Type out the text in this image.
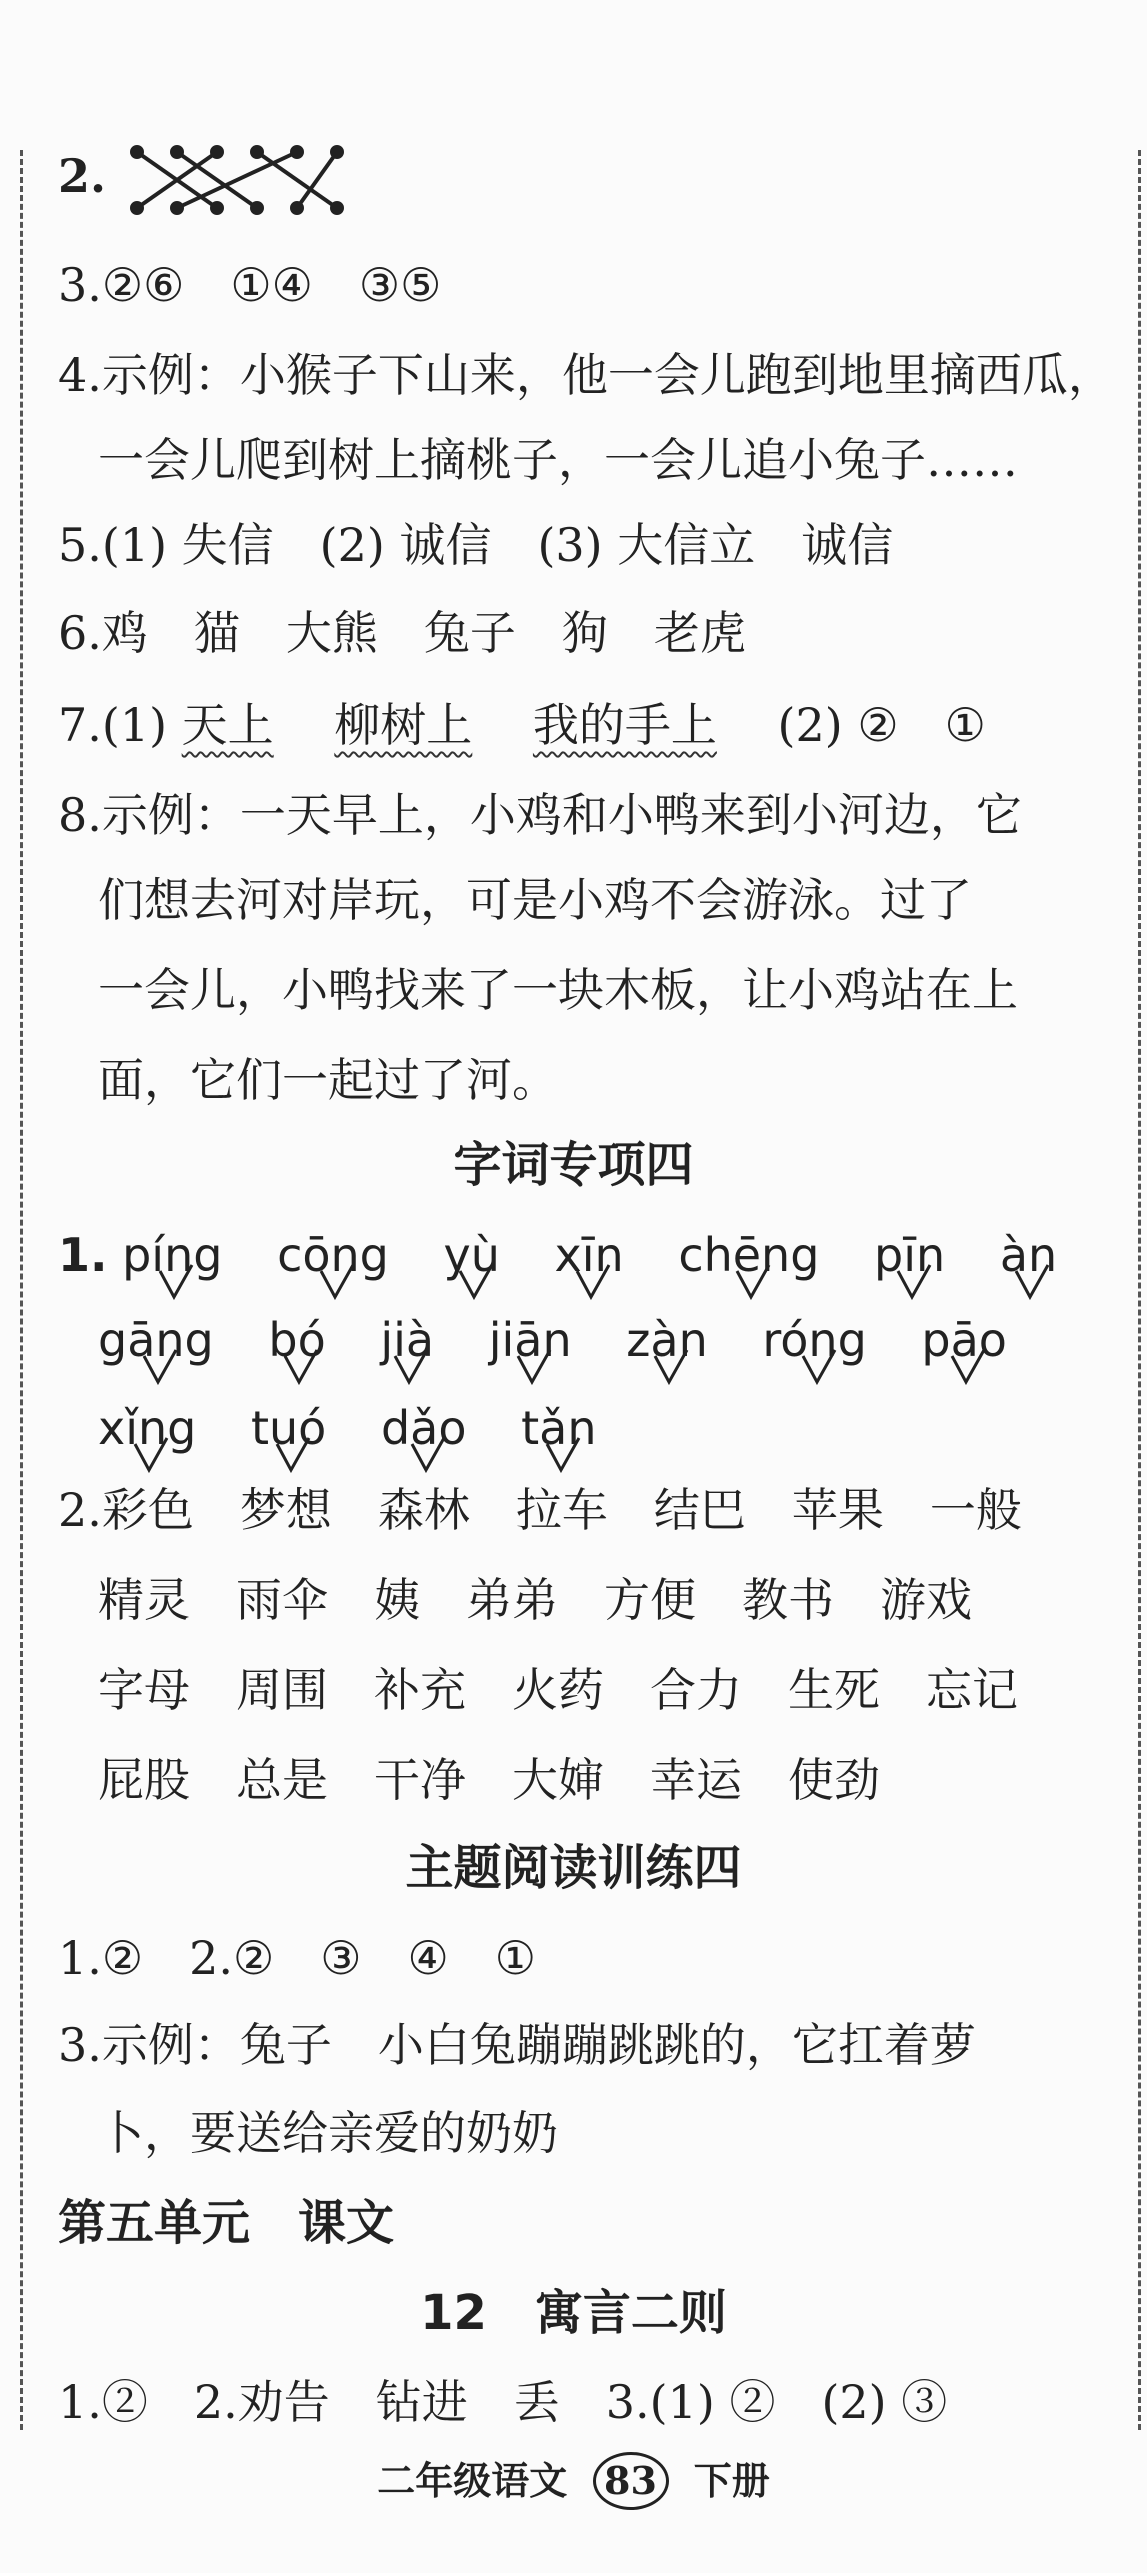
2.
3.②⑥　①④　③⑤
4.示例：小猴子下山来，他一会儿跑到地里摘西瓜，
一会儿爬到树上摘桃子，一会儿追小兔子……
5.(1) 失信　(2) 诚信　(3) 大信立　诚信
6.鸡　猫　大熊　兔子　狗　老虎
7.(1) 天上 柳树上 我的手上 (2) ②　①
8.示例：一天早上，小鸡和小鸭来到小河边，它
们想去河对岸玩，可是小鸡不会游泳。过了
一会儿，小鸭找来了一块木板，让小鸡站在上
面，它们一起过了河。
字词专项四
1. píng cōng yù xīn chēng pīn àn
gāng bó jià jiān zàn róng pāo
xǐng tuó dǎo tǎn
2.彩色　梦想　森林　拉车　结巴　苹果　一般
精灵　雨伞　姨　弟弟　方便　教书　游戏
字母　周围　补充　火药　合力　生死　忘记
屁股　总是　干净　大婶　幸运　使劲
主题阅读训练四
1.②　2.②　③　④　①
3.示例：兔子　小白兔蹦蹦跳跳的，它扛着萝
卜，要送给亲爱的奶奶
第五单元　课文
12　寓言二则
1.②　2.劝告　钻进　丢　3.(1) ②　(2) ③
二年级语文 83 下册
